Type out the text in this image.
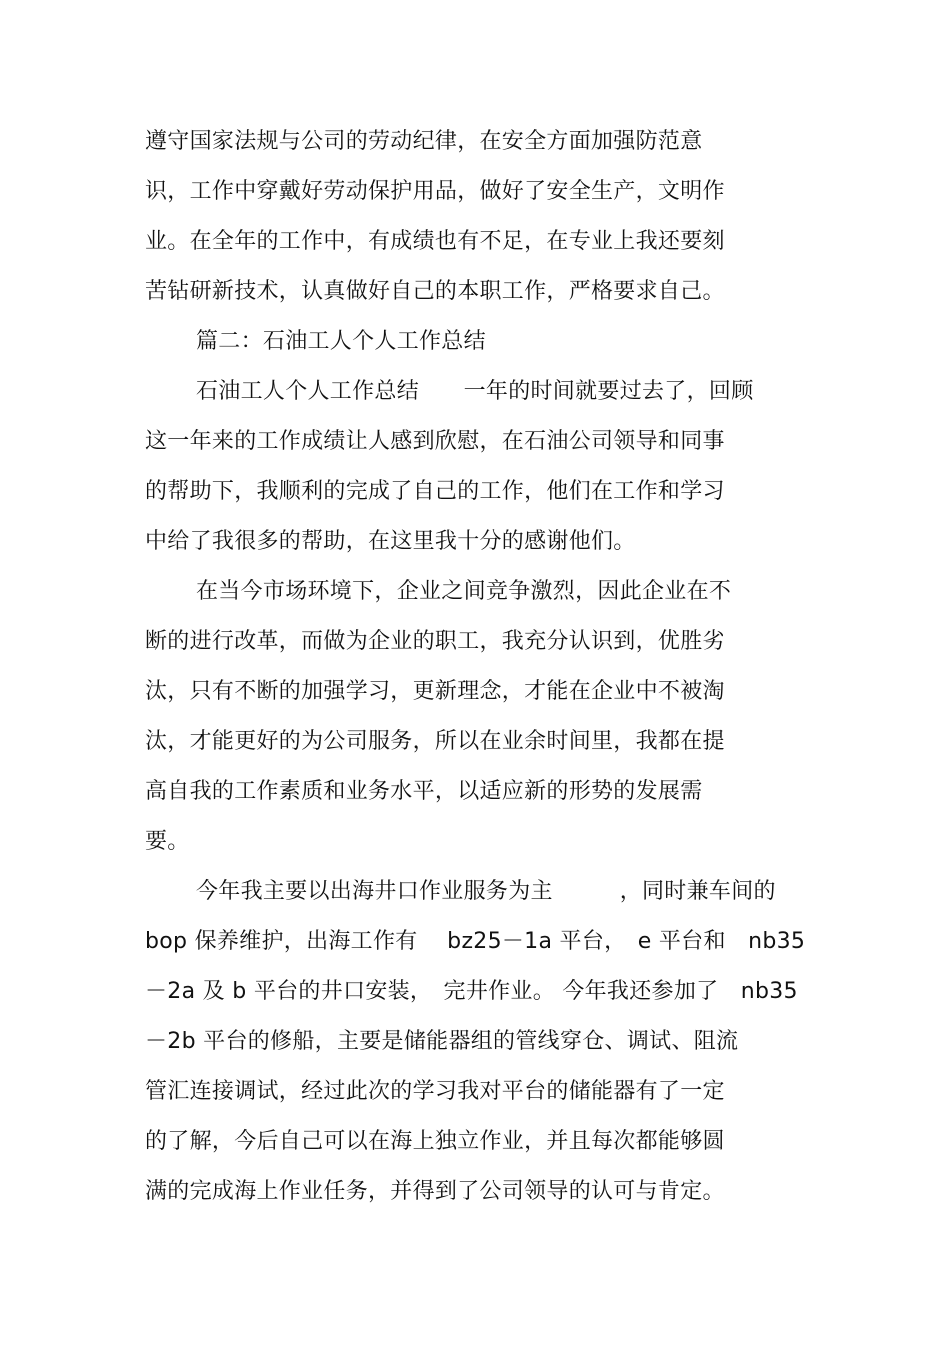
遵守国家法规与公司的劳动纪律，在安全方面加强防范意
识，工作中穿戴好劳动保护用品，做好了安全生产，文明作
业。在全年的工作中，有成绩也有不足，在专业上我还要刻
苦钻研新技术，认真做好自己的本职工作，严格要求自己。
篇二：石油工人个人工作总结
石油工人个人工作总结　　一年的时间就要过去了，回顾
这一年来的工作成绩让人感到欣慰，在石油公司领导和同事
的帮助下，我顺利的完成了自己的工作，他们在工作和学习
中给了我很多的帮助，在这里我十分的感谢他们。
在当今市场环境下，企业之间竞争激烈，因此企业在不
断的进行改革，而做为企业的职工，我充分认识到，优胜劣
汰，只有不断的加强学习，更新理念，才能在企业中不被淘
汰，才能更好的为公司服务，所以在业余时间里，我都在提
高自我的工作素质和业务水平，以适应新的形势的发展需
要。
今年我主要以出海井口作业服务为主　　　，同时兼车间的
bop 保养维护，出海工作有　 bz25－1a 平台，　e 平台和　nb35
－2a 及 b 平台的井口安装，　完井作业。 今年我还参加了　nb35
－2b 平台的修船，主要是储能器组的管线穿仓、调试、阻流
管汇连接调试，经过此次的学习我对平台的储能器有了一定
的了解，今后自己可以在海上独立作业，并且每次都能够圆
满的完成海上作业任务，并得到了公司领导的认可与肯定。
